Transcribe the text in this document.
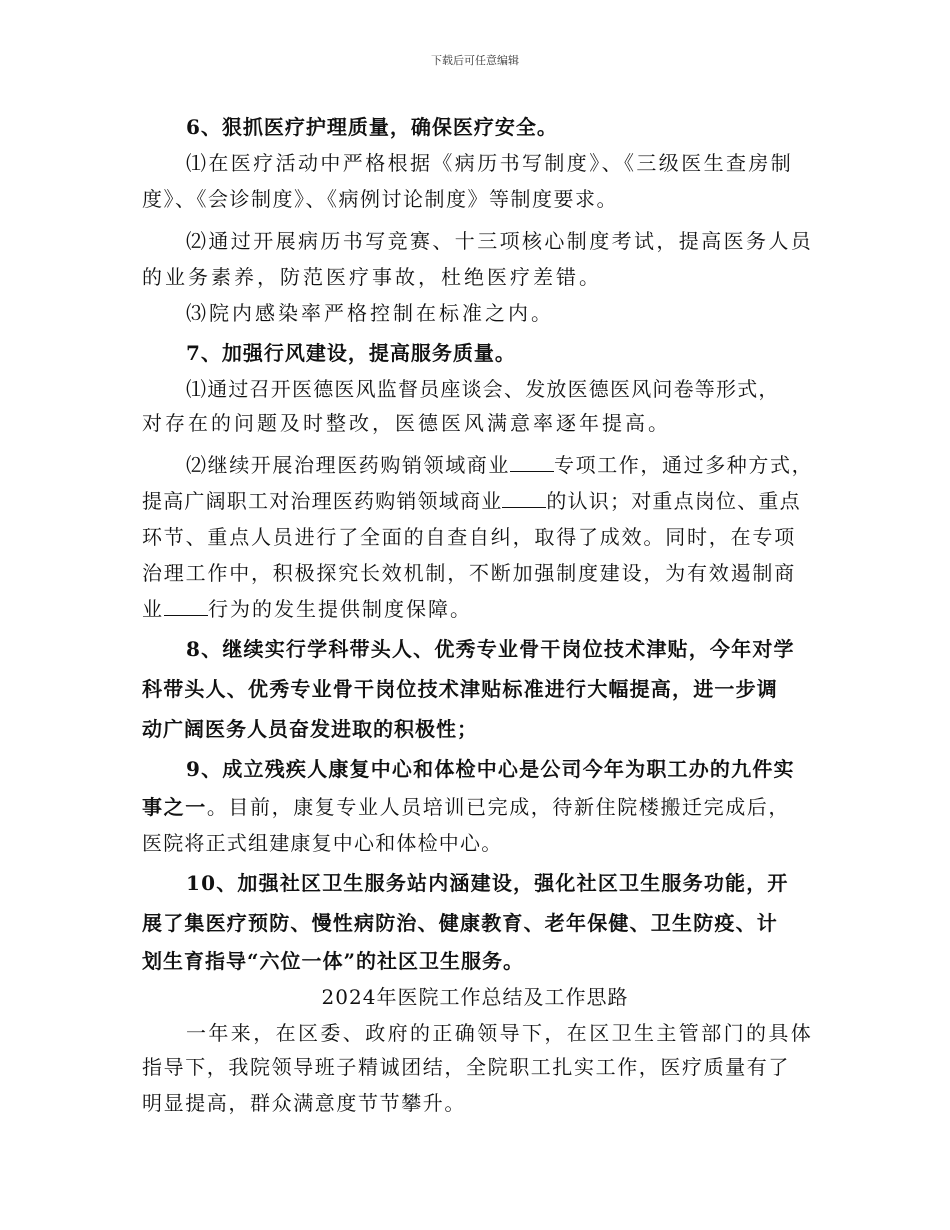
下载后可任意编辑
6、狠抓医疗护理质量，确保医疗安全。
⑴在医疗活动中严格根据《病历书写制度》、《三级医生查房制
度》、《会诊制度》、《病例讨论制度》等制度要求。
⑵通过开展病历书写竞赛、十三项核心制度考试，提高医务人员
的业务素养，防范医疗事故，杜绝医疗差错。
⑶院内感染率严格控制在标准之内。
7、加强行风建设，提高服务质量。
⑴通过召开医德医风监督员座谈会、发放医德医风问卷等形式，
对存在的问题及时整改，医德医风满意率逐年提高。
⑵继续开展治理医药购销领域商业 专项工作，通过多种方式，
提高广阔职工对治理医药购销领域商业 的认识；对重点岗位、重点
环节、重点人员进行了全面的自查自纠，取得了成效。同时，在专项
治理工作中，积极探究长效机制，不断加强制度建设，为有效遏制商
业 行为的发生提供制度保障。
8、继续实行学科带头人、优秀专业骨干岗位技术津贴，今年对学
科带头人、优秀专业骨干岗位技术津贴标准进行大幅提高，进一步调
动广阔医务人员奋发进取的积极性；
9、成立残疾人康复中心和体检中心是公司今年为职工办的九件实
事之一。目前，康复专业人员培训已完成，待新住院楼搬迁完成后，
医院将正式组建康复中心和体检中心。
10、加强社区卫生服务站内涵建设，强化社区卫生服务功能，开
展了集医疗预防、慢性病防治、健康教育、老年保健、卫生防疫、计
划生育指导“六位一体”的社区卫生服务。
2024年医院工作总结及工作思路
一年来，在区委、政府的正确领导下，在区卫生主管部门的具体
指导下，我院领导班子精诚团结，全院职工扎实工作，医疗质量有了
明显提高，群众满意度节节攀升。
